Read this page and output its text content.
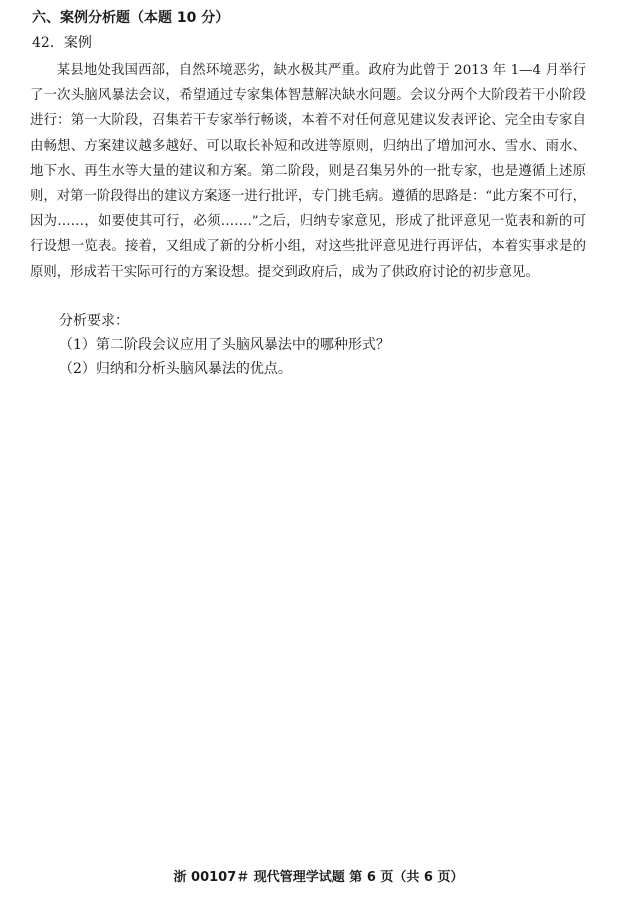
六、案例分析题（本题 10 分）
42．案例

某县地处我国西部，自然环境恶劣，缺水极其严重。政府为此曾于 2013 年 1—4 月举行了一次头脑风暴法会议，希望通过专家集体智慧解决缺水问题。会议分两个大阶段若干小阶段进行：第一大阶段，召集若干专家举行畅谈，本着不对任何意见建议发表评论、完全由专家自由畅想、方案建议越多越好、可以取长补短和改进等原则，归纳出了增加河水、雪水、雨水、地下水、再生水等大量的建议和方案。第二阶段，则是召集另外的一批专家，也是遵循上述原则，对第一阶段得出的建议方案逐一进行批评，专门挑毛病。遵循的思路是：“此方案不可行，因为……，如要使其可行，必须…….”之后，归纳专家意见，形成了批评意见一览表和新的可行设想一览表。接着，又组成了新的分析小组，对这些批评意见进行再评估，本着实事求是的原则，形成若干实际可行的方案设想。提交到政府后，成为了供政府讨论的初步意见。

分析要求：
（1）第二阶段会议应用了头脑风暴法中的哪种形式？
（2）归纳和分析头脑风暴法的优点。
浙 00107＃ 现代管理学试题 第 6 页（共 6 页）
